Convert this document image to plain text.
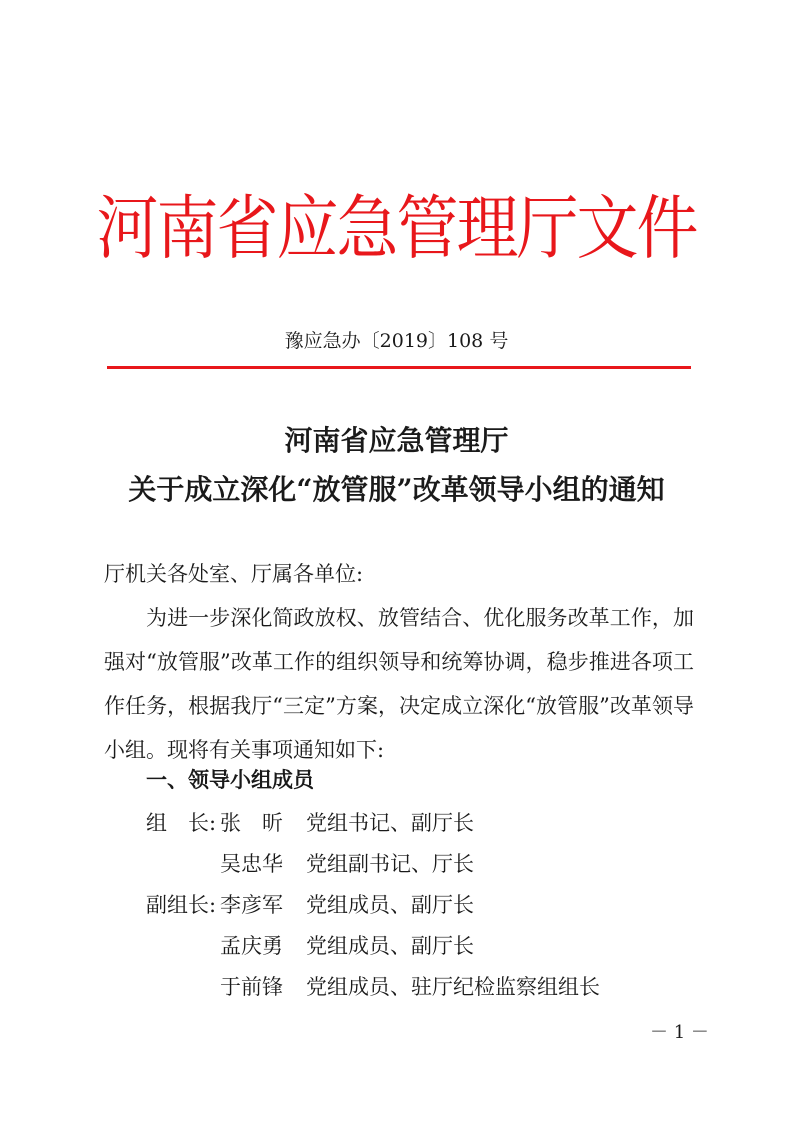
河南省应急管理厅文件
豫应急办〔2019〕108 号
河南省应急管理厅
关于成立深化“放管服”改革领导小组的通知
厅机关各处室、厅属各单位:
为进一步深化简政放权、放管结合、优化服务改革工作，加强对“放管服”改革工作的组织领导和统筹协调，稳步推进各项工作任务，根据我厅“三定”方案，决定成立深化“放管服”改革领导小组。现将有关事项通知如下:
一、领导小组成员
组　长: 张　昕 党组书记、副厅长
吴忠华 党组副书记、厅长
副组长: 李彦军 党组成员、副厅长
孟庆勇 党组成员、副厅长
于前锋 党组成员、驻厅纪检监察组组长
－ 1 －
